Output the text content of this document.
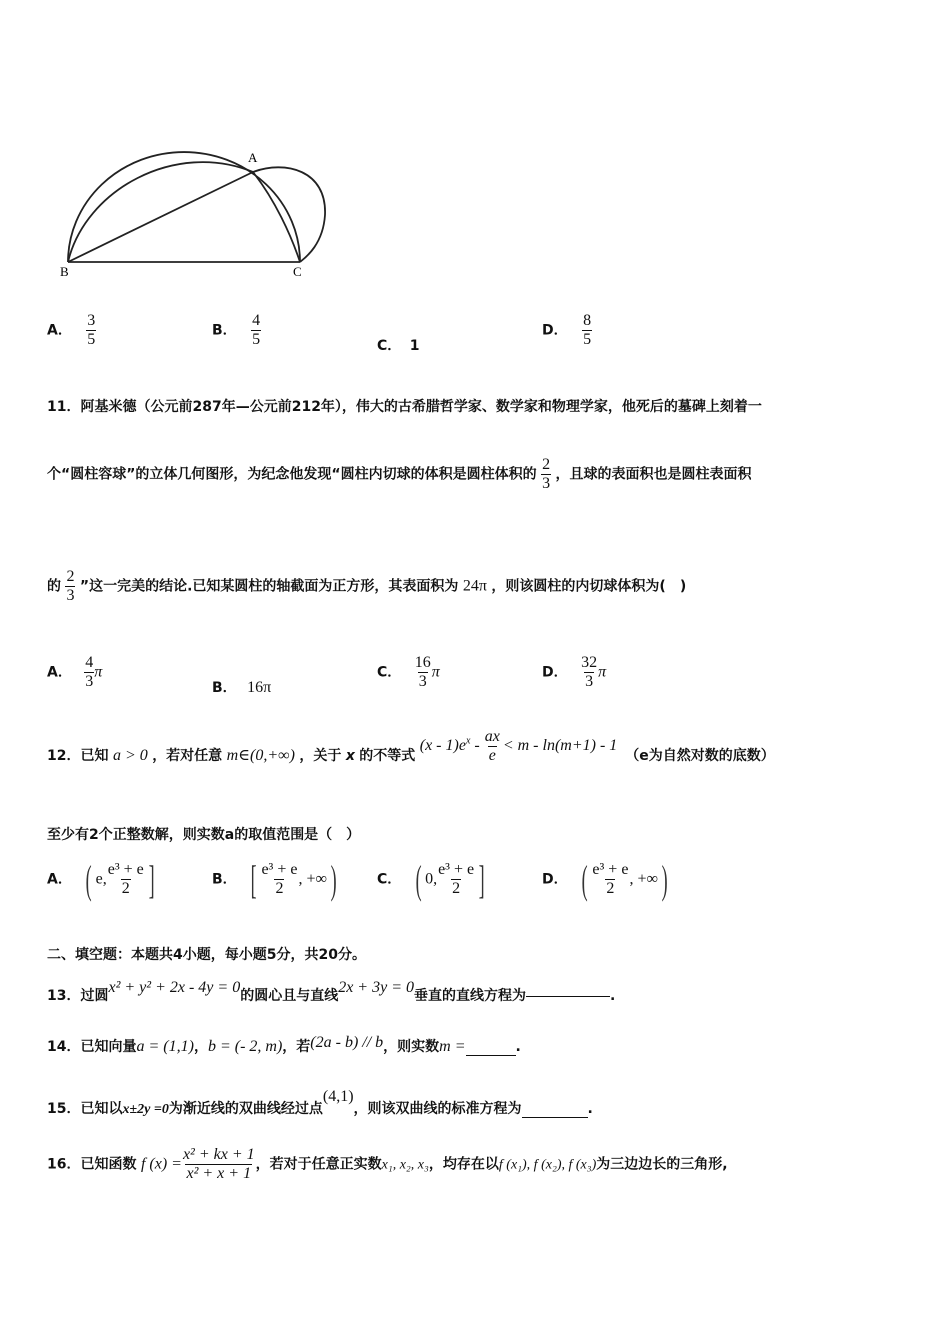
A
B	C
A． $\frac{3}{5}$	B． $\frac{4}{5}$	C． 1
D． $\frac{8}{5}$
11．阿基米德（公元前287年—公元前212年），伟大的古希腊哲学家、数学家和物理学家，他死后的墓碑上刻着一
个“圆柱容球”的立体几何图形，为纪念他发现“圆柱内切球的体积是圆柱体积的 $\frac{2}{3}$ ，且球的表面积也是圆柱表面积
的 $\frac{2}{3}$ ”这一完美的结论.已知某圆柱的轴截面为正方形，其表面积为 24π ，则该圆柱的内切球体积为(　)
A． $\frac{4}{3}$ π
B． 16π
C． $\frac{16}{3}$ π	D． $\frac{32}{3}$ π
12．已知 a > 0 ，若对任意 m∈(0,+∞) ，关于 x 的不等式 $(x - 1)e^x - \frac{ax}{e} < m - \ln(m+1) - 1$ （e为自然对数的底数）
至少有2个正整数解，则实数a的取值范围是（　）
A． ( e, $\frac{\text{e³ + e}}{2}$ ]	B． [ $\frac{\text{e³ + e}}{2}$ , +∞)	C． ( 0, $\frac{\text{e³ + e}}{2}$ ]	D． ( $\frac{\text{e³ + e}}{2}$ , +∞)
二、填空题：本题共4小题，每小题5分，共20分。
13．过圆x² + y² + 2x - 4y = 0的圆心且与直线2x + 3y = 0垂直的直线方程为	.
14．已知向量a = (1,1)，b = (- 2, m)，若(2a - b) // b，则实数m =	.
15．已知以x±2y =0为渐近线的双曲线经过点(4,1)，则该双曲线的标准方程为	.
16．已知函数 f $(x) = \frac{\text{x² + kx + 1}}{\text{x² + x + 1}}$ ，若对于任意正实数x₁, x₂, x₃，均存在以f (x₁), f (x₂), f (x₃)为三边边长的三角形,
